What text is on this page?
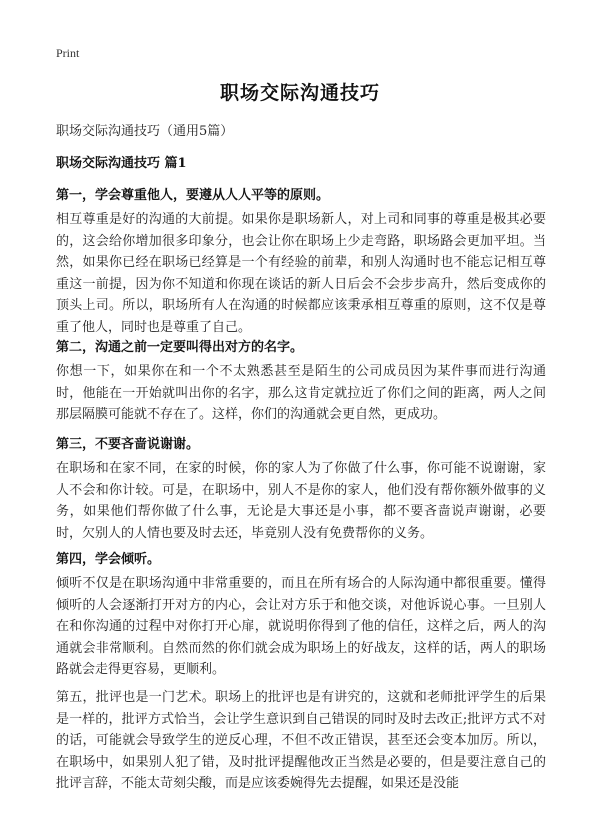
Print
职场交际沟通技巧
职场交际沟通技巧（通用5篇）
职场交际沟通技巧 篇1
第一，学会尊重他人，要遵从人人平等的原则。
相互尊重是好的沟通的大前提。如果你是职场新人，对上司和同事的尊重是极其必要的，这会给你增加很多印象分，也会让你在职场上少走弯路，职场路会更加平坦。当然，如果你已经在职场已经算是一个有经验的前辈，和别人沟通时也不能忘记相互尊重这一前提，因为你不知道和你现在谈话的新人日后会不会步步高升，然后变成你的顶头上司。所以，职场所有人在沟通的时候都应该秉承相互尊重的原则，这不仅是尊重了他人，同时也是尊重了自己。
第二，沟通之前一定要叫得出对方的名字。
你想一下，如果你在和一个不太熟悉甚至是陌生的公司成员因为某件事而进行沟通时，他能在一开始就叫出你的名字，那么这肯定就拉近了你们之间的距离，两人之间那层隔膜可能就不存在了。这样，你们的沟通就会更自然，更成功。
第三，不要吝啬说谢谢。
在职场和在家不同，在家的时候，你的家人为了你做了什么事，你可能不说谢谢，家人不会和你计较。可是，在职场中，别人不是你的家人，他们没有帮你额外做事的义务，如果他们帮你做了什么事，无论是大事还是小事，都不要吝啬说声谢谢，必要时，欠别人的人情也要及时去还，毕竟别人没有免费帮你的义务。
第四，学会倾听。
倾听不仅是在职场沟通中非常重要的，而且在所有场合的人际沟通中都很重要。懂得倾听的人会逐渐打开对方的内心，会让对方乐于和他交谈，对他诉说心事。一旦别人在和你沟通的过程中对你打开心扉，就说明你得到了他的信任，这样之后，两人的沟通就会非常顺利。自然而然的你们就会成为职场上的好战友，这样的话，两人的职场路就会走得更容易，更顺利。
第五，批评也是一门艺术。职场上的批评也是有讲究的，这就和老师批评学生的后果是一样的，批评方式恰当，会让学生意识到自己错误的同时及时去改正;批评方式不对的话，可能就会导致学生的逆反心理，不但不改正错误，甚至还会变本加厉。所以，在职场中，如果别人犯了错，及时批评提醒他改正当然是必要的，但是要注意自己的批评言辞，不能太苛刻尖酸，而是应该委婉得先去提醒，如果还是没能
